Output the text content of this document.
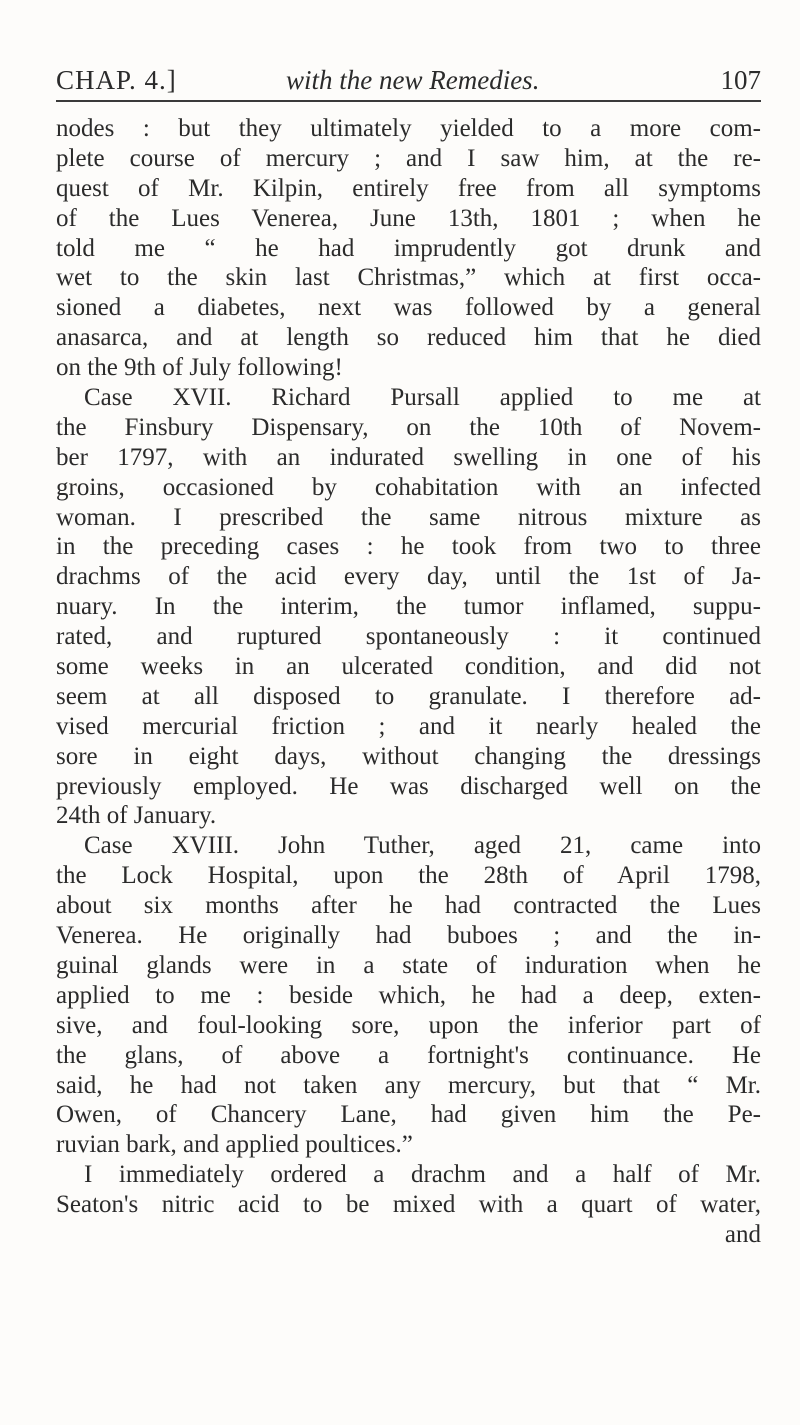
CHAP. 4.]	with the new Remedies.	107
nodes : but they ultimately yielded to a more com-
plete course of mercury ; and I saw him, at the re-
quest of Mr. Kilpin, entirely free from all symptoms
of the Lues Venerea, June 13th, 1801 ; when he
told me “ he had imprudently got drunk and
wet to the skin last Christmas,” which at first occa-
sioned a diabetes, next was followed by a general
anasarca, and at length so reduced him that he died
on the 9th of July following!
Case XVII. Richard Pursall applied to me at
the Finsbury Dispensary, on the 10th of Novem-
ber 1797, with an indurated swelling in one of his
groins, occasioned by cohabitation with an infected
woman. I prescribed the same nitrous mixture as
in the preceding cases : he took from two to three
drachms of the acid every day, until the 1st of Ja-
nuary. In the interim, the tumor inflamed, suppu-
rated, and ruptured spontaneously : it continued
some weeks in an ulcerated condition, and did not
seem at all disposed to granulate. I therefore ad-
vised mercurial friction ; and it nearly healed the
sore in eight days, without changing the dressings
previously employed. He was discharged well on the
24th of January.
Case XVIII. John Tuther, aged 21, came into
the Lock Hospital, upon the 28th of April 1798,
about six months after he had contracted the Lues
Venerea. He originally had buboes ; and the in-
guinal glands were in a state of induration when he
applied to me : beside which, he had a deep, exten-
sive, and foul-looking sore, upon the inferior part of
the glans, of above a fortnight's continuance. He
said, he had not taken any mercury, but that “ Mr.
Owen, of Chancery Lane, had given him the Pe-
ruvian bark, and applied poultices.”
I immediately ordered a drachm and a half of Mr.
Seaton's nitric acid to be mixed with a quart of water,
and
